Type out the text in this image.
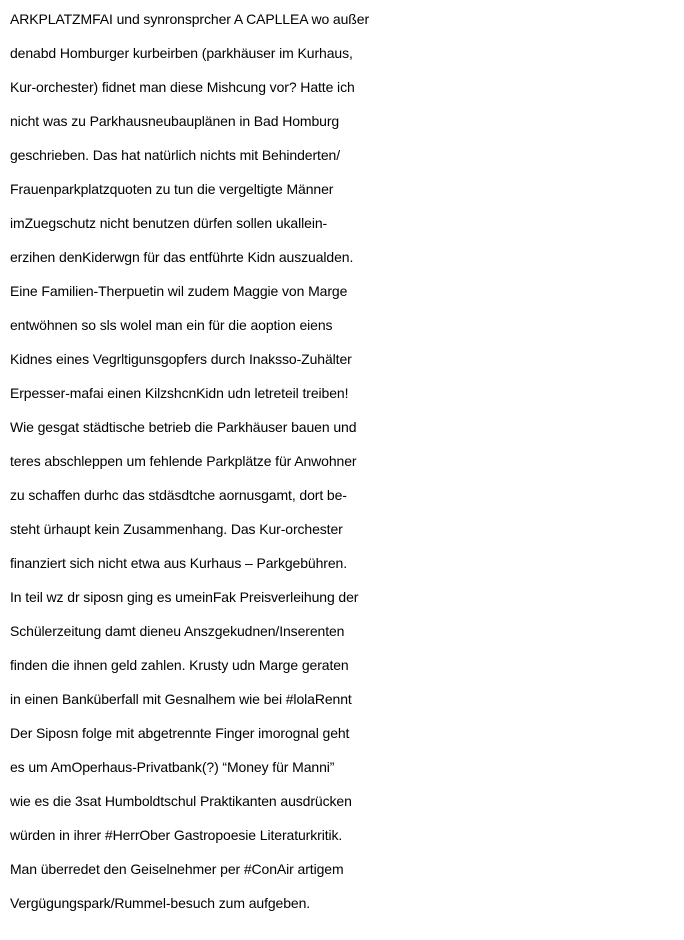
ARKPLATZMFAI und synronsprcher A CAPLLEA wo außer
denabd Homburger kurbeirben (parkhäuser im Kurhaus,
Kur-orchester) fidnet man diese Mishcung vor? Hatte ich
nicht was zu Parkhausneubauplänen in Bad Homburg
geschrieben. Das hat natürlich nichts mit Behinderten/
Frauenparkplatzquoten zu tun die vergeltigte Männer
imZuegschutz nicht benutzen dürfen sollen ukallein-
erzihen denKiderwgn für das entführte Kidn auszualden.
Eine Familien-Therpuetin wil zudem Maggie von Marge
entwöhnen so sls wolel man ein für die aoption eiens
Kidnes eines Vegrltigunsgopfers durch Inaksso-Zuhälter
Erpesser-mafai einen KilzshcnKidn udn letreteil treiben!
Wie gesgat städtische betrieb die Parkhäuser bauen und
teres abschleppen um fehlende Parkplätze für Anwohner
zu schaffen durhc das stdäsdtche aornusgamt, dort be-
steht ürhaupt kein Zusammenhang. Das Kur-orchester
finanziert sich nicht etwa aus Kurhaus – Parkgebühren.
In teil wz dr siposn ging es umeinFak Preisverleihung der
Schülerzeitung damt dieneu Anszgekudnen/Inserenten
finden die ihnen geld zahlen. Krusty udn Marge geraten
in einen Banküberfall mit Gesnalhem wie bei #lolaRennt
Der Siposn folge mit abgetrennte Finger imorognal geht
es um AmOperhaus-Privatbank(?) “Money für Manni”
wie es die 3sat Humboldtschul Praktikanten ausdrücken
würden in ihrer #HerrOber Gastropoesie Literaturkritik.
Man überredet den Geiselnehmer per #ConAir artigem
Vergügungspark/Rummel-besuch zum aufgeben.
